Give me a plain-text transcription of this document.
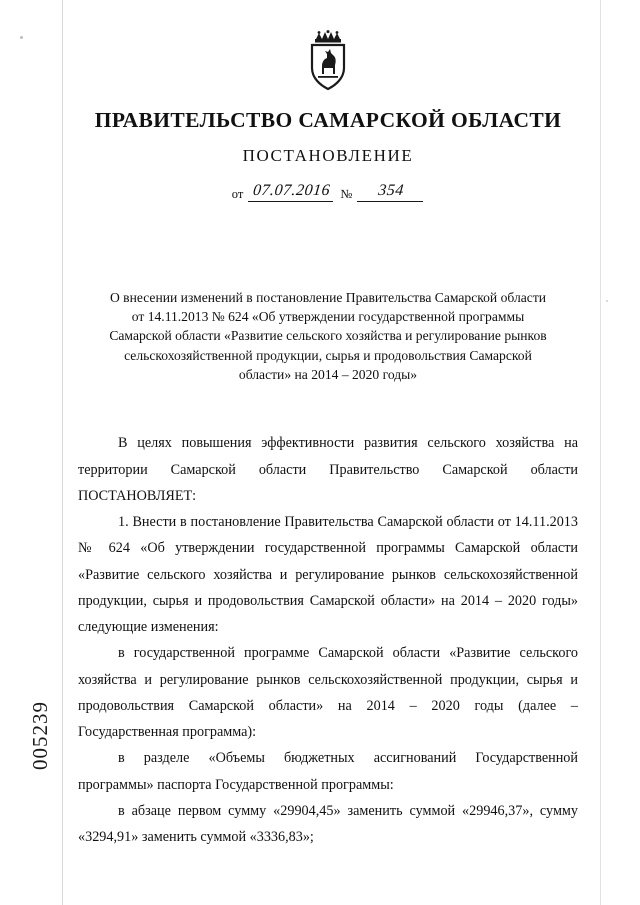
005239
ПРАВИТЕЛЬСТВО САМАРСКОЙ ОБЛАСТИ
ПОСТАНОВЛЕНИЕ
от 07.07.2016 №	354
О внесении изменений в постановление Правительства Самарской области от 14.11.2013 № 624 «Об утверждении государственной программы Самарской области «Развитие сельского хозяйства и регулирование рынков сельскохозяйственной продукции, сырья и продовольствия Самарской области» на 2014 – 2020 годы»

В целях повышения эффективности развития сельского хозяйства на территории Самарской области Правительство Самарской области ПОСТАНОВЛЯЕТ:

1. Внести в постановление Правительства Самарской области от 14.11.2013 № 624 «Об утверждении государственной программы Самарской области «Развитие сельского хозяйства и регулирование рынков сельскохозяйственной продукции, сырья и продовольствия Самарской области» на 2014 – 2020 годы» следующие изменения:

в государственной программе Самарской области «Развитие сельского хозяйства и регулирование рынков сельскохозяйственной продукции, сырья и продовольствия Самарской области» на 2014 – 2020 годы (далее – Государственная программа):

в разделе «Объемы бюджетных ассигнований Государственной программы» паспорта Государственной программы:

в абзаце первом сумму «29904,45» заменить суммой «29946,37», сумму «3294,91» заменить суммой «3336,83»;
